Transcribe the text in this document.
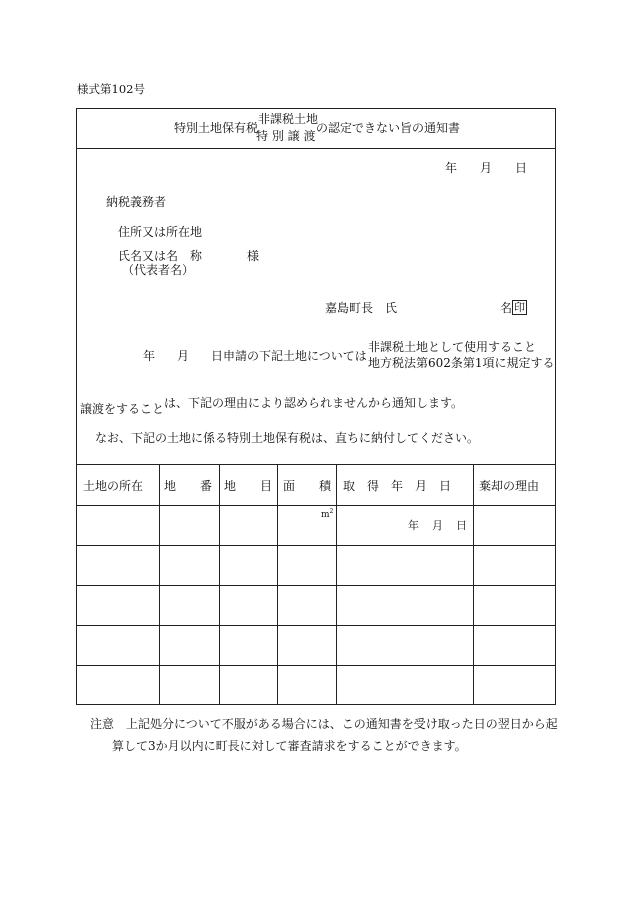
様式第102号
特別土地保有税
非課税土地
特 別 譲 渡
の認定できない旨の通知書
年 月 日
納税義務者
住所又は所在地
氏名又は名　称	様
（代表者名）
嘉島町長　氏	名 印
年 月 日申請の下記土地については
非課税土地として使用すること
地方税法第602条第1項に規定する
譲渡をすること は、下記の理由により認められませんから通知します。
なお、下記の土地に係る特別土地保有税は、直ちに納付してください。
土地の所在 地　　番 地　　目 面　　積 取　得　年　月　日 棄却の理由
$m^2$
年 月 日
注意　上記処分について不服がある場合には、この通知書を受け取った日の翌日から起
算して3か月以内に町長に対して審査請求をすることができます。
